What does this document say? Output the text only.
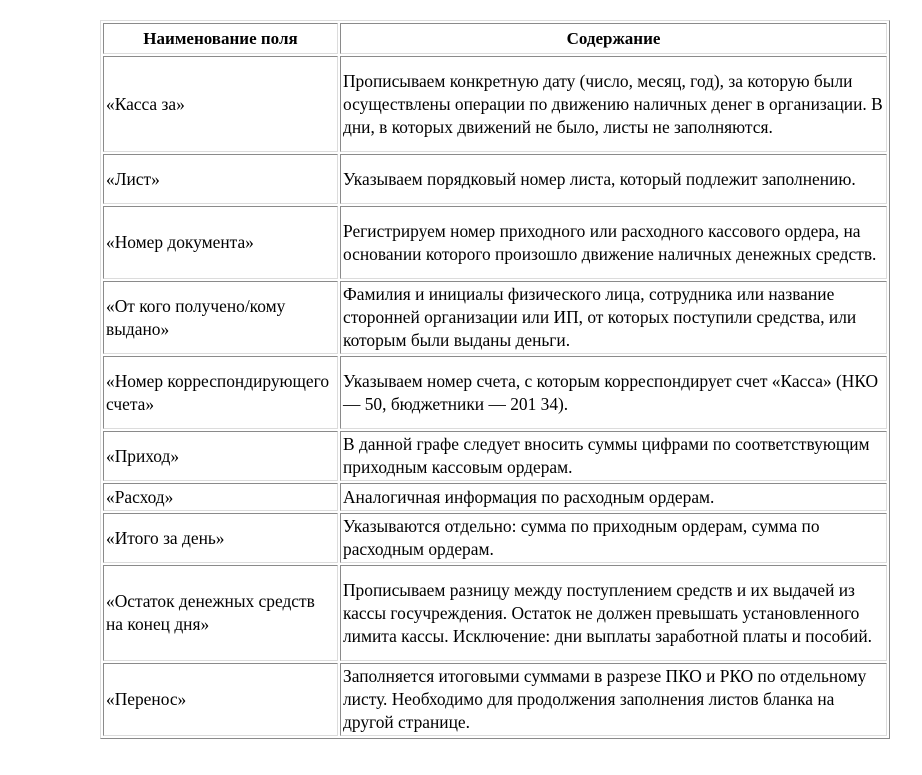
Наименование поля	Содержание
«Касса за»	Прописываем конкретную дату (число, месяц, год), за которую были осуществлены операции по движению наличных денег в организации. В дни, в которых движений не было, листы не заполняются.
«Лист»	Указываем порядковый номер листа, который подлежит заполнению.
«Номер документа»	Регистрируем номер приходного или расходного кассового ордера, на основании которого произошло движение наличных денежных средств.
«От кого получено/кому выдано»	Фамилия и инициалы физического лица, сотрудника или название сторонней организации или ИП, от которых поступили средства, или которым были выданы деньги.
«Номер корреспондирующего счета»	Указываем номер счета, с которым корреспондирует счет «Касса» (НКО — 50, бюджетники — 201 34).
«Приход»	В данной графе следует вносить суммы цифрами по соответствующим приходным кассовым ордерам.
«Расход»	Аналогичная информация по расходным ордерам.
«Итого за день»	Указываются отдельно: сумма по приходным ордерам, сумма по расходным ордерам.
«Остаток денежных средств на конец дня»	Прописываем разницу между поступлением средств и их выдачей из кассы госучреждения. Остаток не должен превышать установленного лимита кассы. Исключение: дни выплаты заработной платы и пособий.
«Перенос»	Заполняется итоговыми суммами в разрезе ПКО и РКО по отдельному листу. Необходимо для продолжения заполнения листов бланка на другой странице.
